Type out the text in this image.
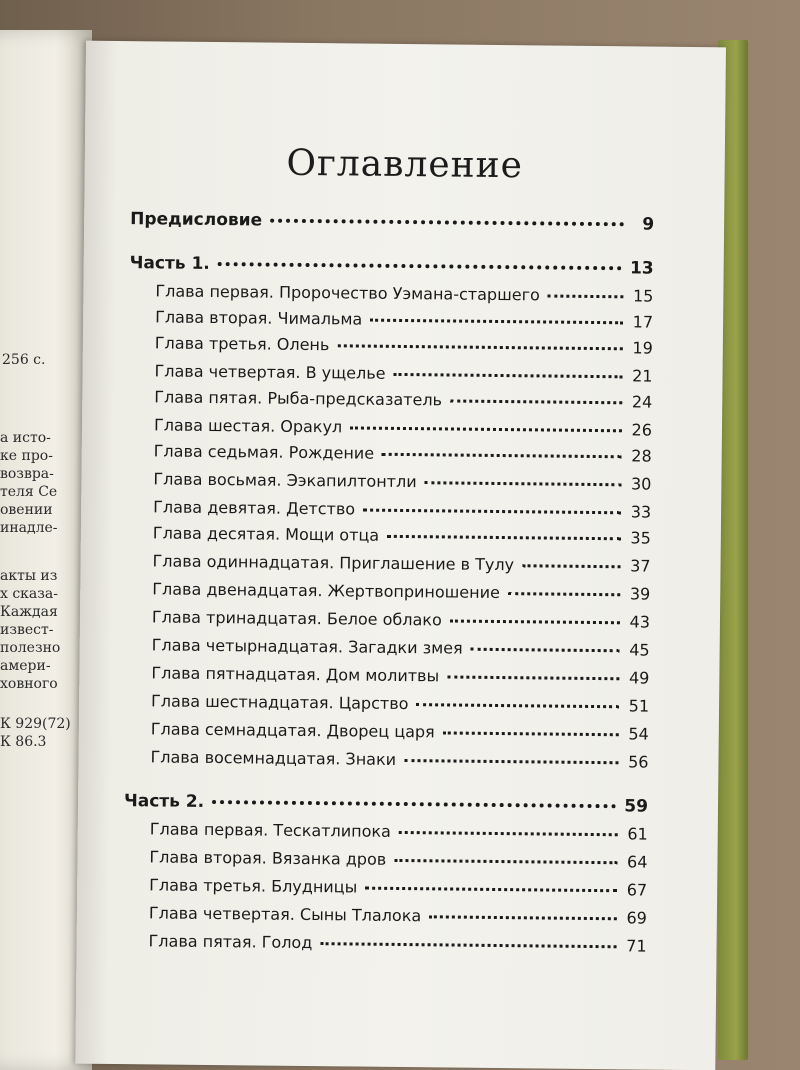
256 с.
а исто-
ке про-
возвра-
теля Се
овении
инадле-
акты из
х сказа-
Каждая
извест-
полезно
амери-
ховного
К 929(72)
К 86.3
Оглавление
Предисловие	9
Часть 1.	13
Глава первая. Пророчество Уэмана-старшего	15
Глава вторая. Чимальма	17
Глава третья. Олень	19
Глава четвертая. В ущелье	21
Глава пятая. Рыба-предсказатель	24
Глава шестая. Оракул	26
Глава седьмая. Рождение	28
Глава восьмая. Ээкапилтонтли	30
Глава девятая. Детство	33
Глава десятая. Мощи отца	35
Глава одиннадцатая. Приглашение в Тулу	37
Глава двенадцатая. Жертвоприношение	39
Глава тринадцатая. Белое облако	43
Глава четырнадцатая. Загадки змея	45
Глава пятнадцатая. Дом молитвы	49
Глава шестнадцатая. Царство	51
Глава семнадцатая. Дворец царя	54
Глава восемнадцатая. Знаки	56
Часть 2.	59
Глава первая. Тескатлипока	61
Глава вторая. Вязанка дров	64
Глава третья. Блудницы	67
Глава четвертая. Сыны Тлалока	69
Глава пятая. Голод	71
